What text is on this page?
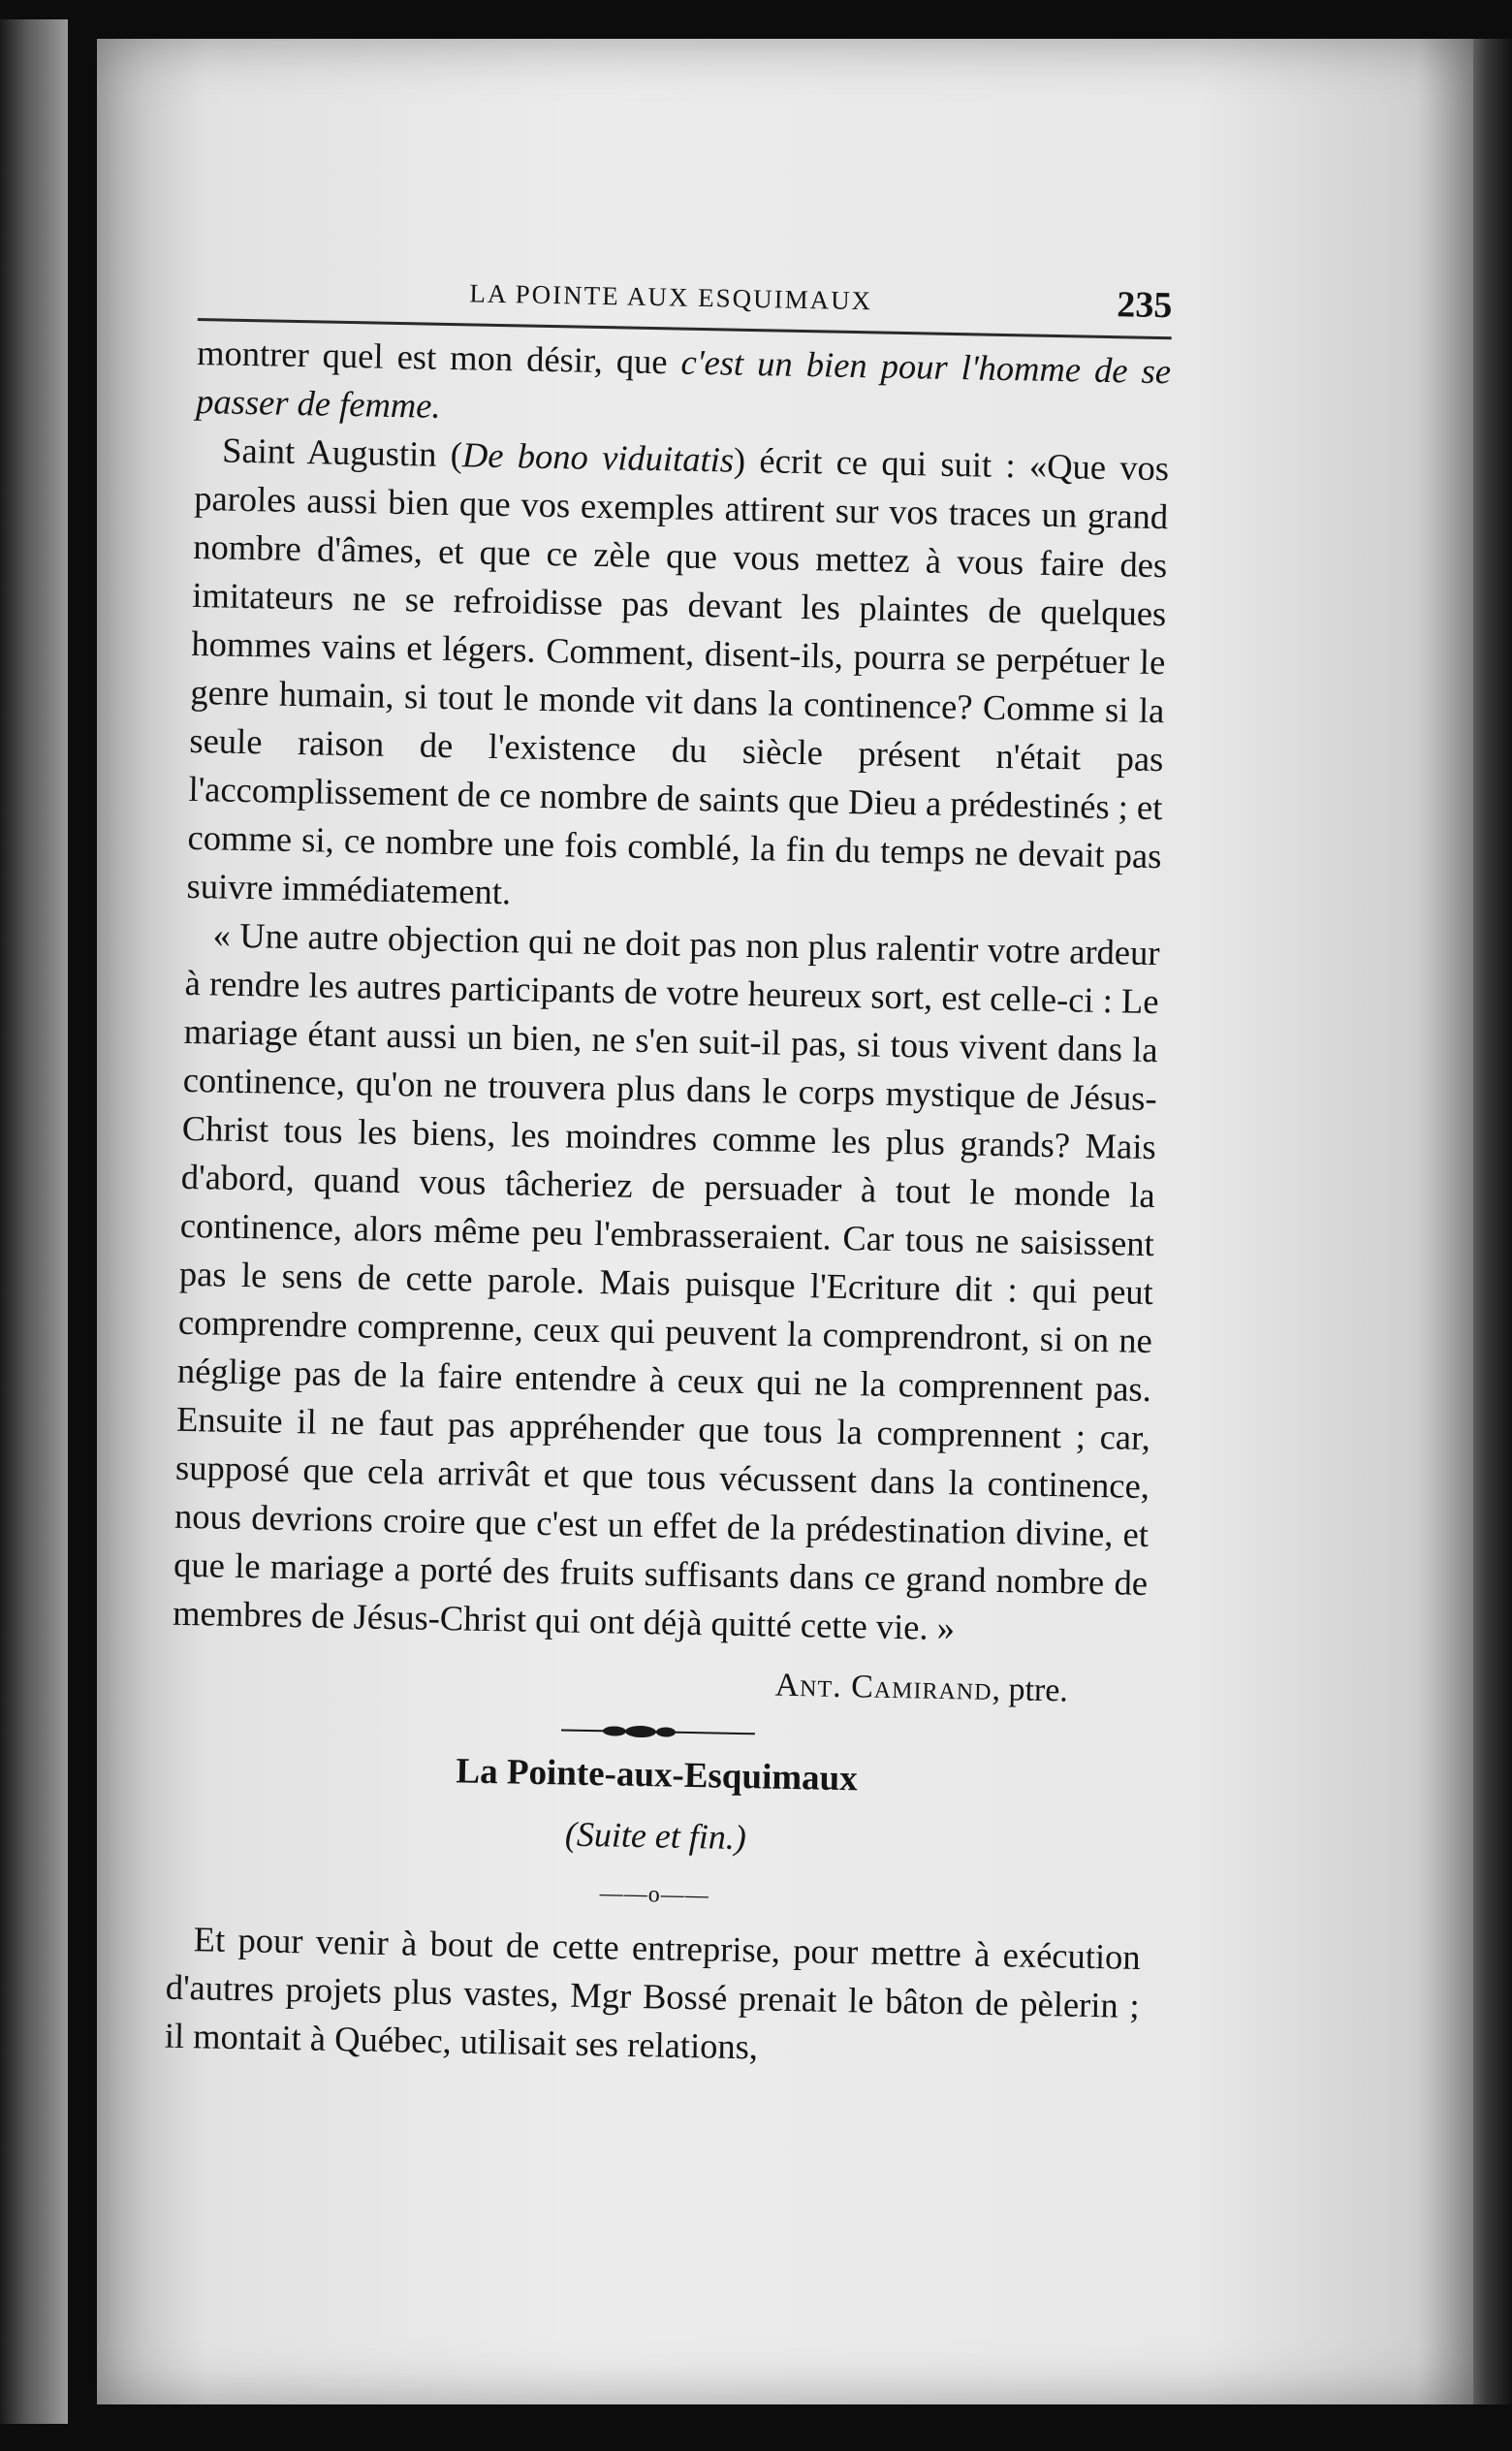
LA POINTE AUX ESQUIMAUX	235

montrer quel est mon désir, que c'est un bien pour l'homme de se passer de femme.

Saint Augustin (De bono viduitatis) écrit ce qui suit : «Que vos paroles aussi bien que vos exemples attirent sur vos traces un grand nombre d'âmes, et que ce zèle que vous mettez à vous faire des imitateurs ne se refroidisse pas devant les plaintes de quelques hommes vains et légers. Comment, disent-ils, pourra se perpétuer le genre humain, si tout le monde vit dans la continence? Comme si la seule raison de l'existence du siècle présent n'était pas l'accomplissement de ce nombre de saints que Dieu a prédestinés ; et comme si, ce nombre une fois comblé, la fin du temps ne devait pas suivre immédiatement.

« Une autre objection qui ne doit pas non plus ralentir votre ardeur à rendre les autres participants de votre heureux sort, est celle-ci : Le mariage étant aussi un bien, ne s'en suit-il pas, si tous vivent dans la continence, qu'on ne trouvera plus dans le corps mystique de Jésus-Christ tous les biens, les moindres comme les plus grands? Mais d'abord, quand vous tâcheriez de persuader à tout le monde la continence, alors même peu l'embrasseraient. Car tous ne saisissent pas le sens de cette parole. Mais puisque l'Ecriture dit : qui peut comprendre comprenne, ceux qui peuvent la comprendront, si on ne néglige pas de la faire entendre à ceux qui ne la comprennent pas. Ensuite il ne faut pas appréhender que tous la comprennent ; car, supposé que cela arrivât et que tous vécussent dans la continence, nous devrions croire que c'est un effet de la prédestination divine, et que le mariage a porté des fruits suffisants dans ce grand nombre de membres de Jésus-Christ qui ont déjà quitté cette vie. »

Ant. Camirand, ptre.
La Pointe-aux-Esquimaux
(Suite et fin.)
——o——

Et pour venir à bout de cette entreprise, pour mettre à exécution d'autres projets plus vastes, Mgr Bossé prenait le bâton de pèlerin ; il montait à Québec, utilisait ses relations,
